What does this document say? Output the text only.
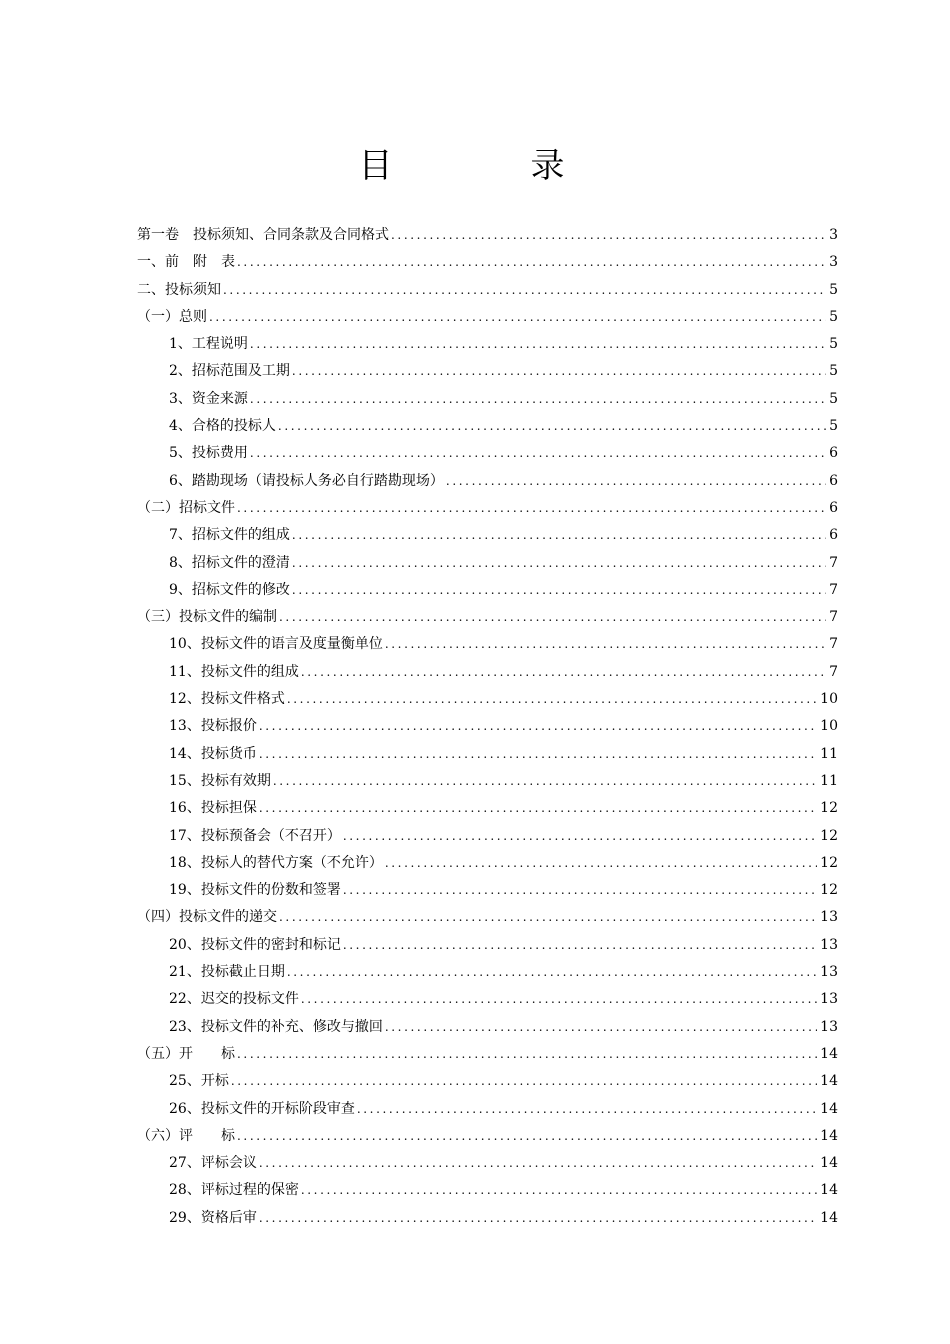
目　录
第一卷　投标须知、合同条款及合同格式 .....	3
一、前　附　表 .....	3
二、投标须知 .....	5
（一）总则 .....	5
1、工程说明 .....	5
2、招标范围及工期 .....	5
3、资金来源 .....	5
4、合格的投标人 .....	5
5、投标费用 .....	6
6、踏勘现场（请投标人务必自行踏勘现场） .....	6
（二）招标文件 .....	6
7、招标文件的组成 .....	6
8、招标文件的澄清 .....	7
9、招标文件的修改 .....	7
（三）投标文件的编制 .....	7
10、投标文件的语言及度量衡单位 .....	7
11、投标文件的组成 .....	7
12、投标文件格式 .....	10
13、投标报价 .....	10
14、投标货币 .....	11
15、投标有效期 .....	11
16、投标担保 .....	12
17、投标预备会（不召开） .....	12
18、投标人的替代方案（不允许） .....	12
19、投标文件的份数和签署 .....	12
（四）投标文件的递交 .....	13
20、投标文件的密封和标记 .....	13
21、投标截止日期 .....	13
22、迟交的投标文件 .....	13
23、投标文件的补充、修改与撤回 .....	13
（五）开　　标 .....	14
25、开标 .....	14
26、投标文件的开标阶段审查 .....	14
（六）评　　标 .....	14
27、评标会议 .....	14
28、评标过程的保密 .....	14
29、资格后审 .....	14
